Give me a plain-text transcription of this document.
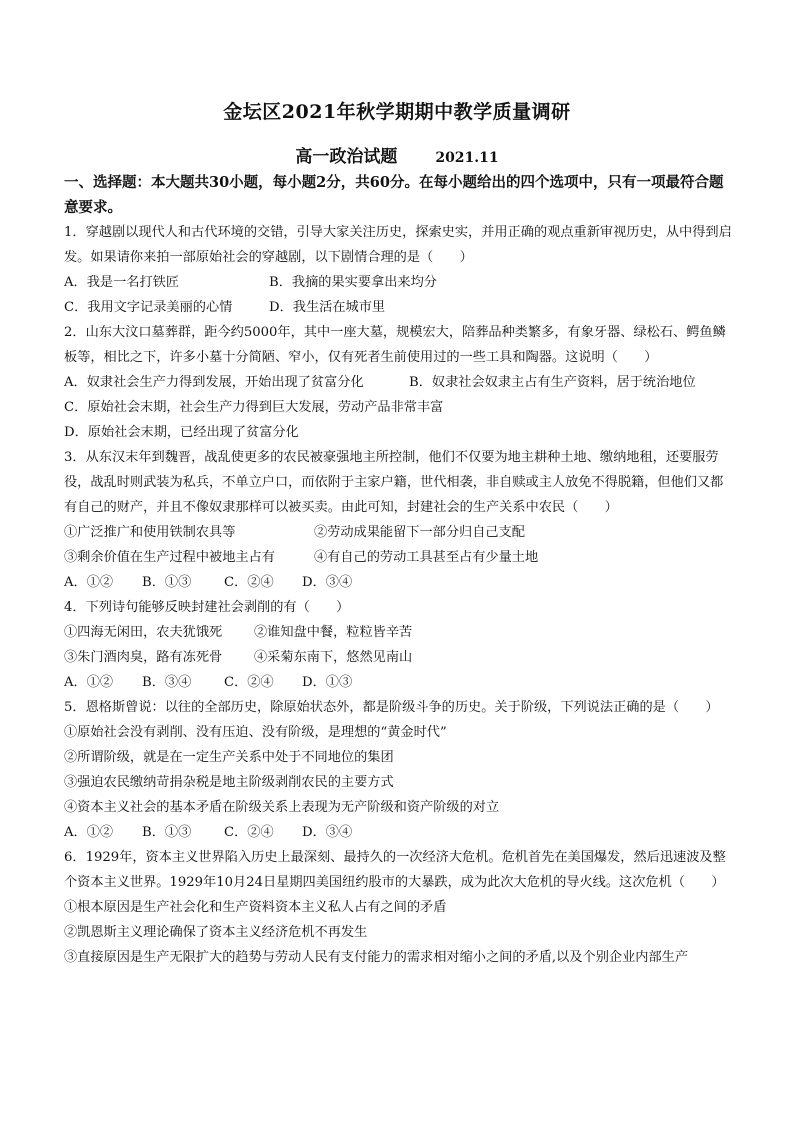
金坛区2021年秋学期期中教学质量调研
高一政治试题	2021.11
一、选择题：本大题共30小题，每小题2分，共60分。在每小题给出的四个选项中，只有一项最符合题意要求。

1．穿越剧以现代人和古代环境的交错，引导大家关注历史，探索史实，并用正确的观点重新审视历史，从中得到启发。如果请你来拍一部原始社会的穿越剧，以下剧情合理的是（　　）

A．我是一名打铁匠	B．我摘的果实要拿出来均分
C．我用文字记录美丽的心情	D．我生活在城市里

2．山东大汶口墓葬群，距今约5000年，其中一座大墓，规模宏大，陪葬品种类繁多，有象牙器、绿松石、鳄鱼鳞板等，相比之下，许多小墓十分简陋、窄小，仅有死者生前使用过的一些工具和陶器。这说明（　　）

A．奴隶社会生产力得到发展，开始出现了贫富分化	B．奴隶社会奴隶主占有生产资料，居于统治地位

C．原始社会末期，社会生产力得到巨大发展，劳动产品非常丰富

D．原始社会末期，已经出现了贫富分化

3．从东汉末年到魏晋，战乱使更多的农民被豪强地主所控制，他们不仅要为地主耕种土地、缴纳地租，还要服劳役，战乱时则武装为私兵，不单立户口，而依附于主家户籍，世代相袭，非自赎或主人放免不得脱籍，但他们又都有自己的财产，并且不像奴隶那样可以被买卖。由此可知，封建社会的生产关系中农民（　　）

①广泛推广和使用铁制农具等	②劳动成果能留下一部分归自己支配
③剩余价值在生产过程中被地主占有	④有自己的劳动工具甚至占有少量土地
A．①②	B．①③	C．②④	D．③④

4．下列诗句能够反映封建社会剥削的有（　　）

①四海无闲田，农夫犹饿死	②谁知盘中餐，粒粒皆辛苦
③朱门酒肉臭，路有冻死骨	④采菊东南下，悠然见南山
A．①②	B．③④	C．②④	D．①③

5．恩格斯曾说：以往的全部历史，除原始状态外，都是阶级斗争的历史。关于阶级，下列说法正确的是（　　）

①原始社会没有剥削、没有压迫、没有阶级，是理想的“黄金时代”

②所谓阶级，就是在一定生产关系中处于不同地位的集团

③强迫农民缴纳苛捐杂税是地主阶级剥削农民的主要方式

④资本主义社会的基本矛盾在阶级关系上表现为无产阶级和资产阶级的对立

A．①②	B．①③	C．②④	D．③④

6．1929年，资本主义世界陷入历史上最深刻、最持久的一次经济大危机。危机首先在美国爆发，然后迅速波及整个资本主义世界。1929年10月24日星期四美国纽约股市的大暴跌，成为此次大危机的导火线。这次危机（　　）

①根本原因是生产社会化和生产资料资本主义私人占有之间的矛盾

②凯恩斯主义理论确保了资本主义经济危机不再发生

③直接原因是生产无限扩大的趋势与劳动人民有支付能力的需求相对缩小之间的矛盾,以及个别企业内部生产
